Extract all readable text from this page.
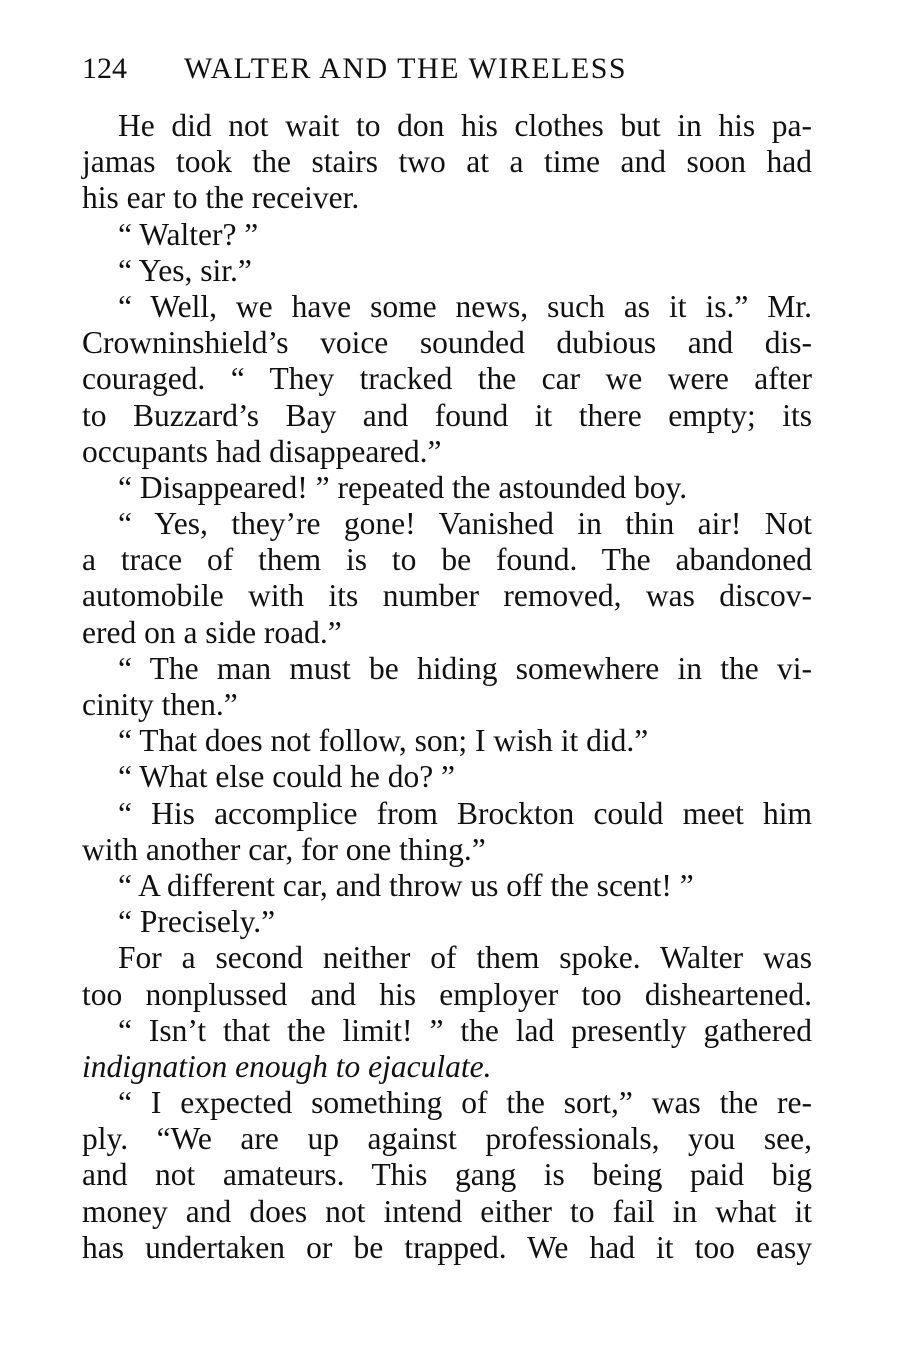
124	WALTER AND THE WIRELESS
He did not wait to don his clothes but in his pa-
jamas took the stairs two at a time and soon had
his ear to the receiver.
“ Walter? ”
“ Yes, sir.”
“ Well, we have some news, such as it is.” Mr.
Crowninshield’s voice sounded dubious and dis-
couraged. “ They tracked the car we were after
to Buzzard’s Bay and found it there empty; its
occupants had disappeared.”
“ Disappeared! ” repeated the astounded boy.
“ Yes, they’re gone! Vanished in thin air! Not
a trace of them is to be found. The abandoned
automobile with its number removed, was discov-
ered on a side road.”
“ The man must be hiding somewhere in the vi-
cinity then.”
“ That does not follow, son; I wish it did.”
“ What else could he do? ”
“ His accomplice from Brockton could meet him
with another car, for one thing.”
“ A different car, and throw us off the scent! ”
“ Precisely.”
For a second neither of them spoke. Walter was
too nonplussed and his employer too disheartened.
“ Isn’t that the limit! ” the lad presently gathered
indignation enough to ejaculate.
“ I expected something of the sort,” was the re-
ply. “We are up against professionals, you see,
and not amateurs. This gang is being paid big
money and does not intend either to fail in what it
has undertaken or be trapped. We had it too easy
